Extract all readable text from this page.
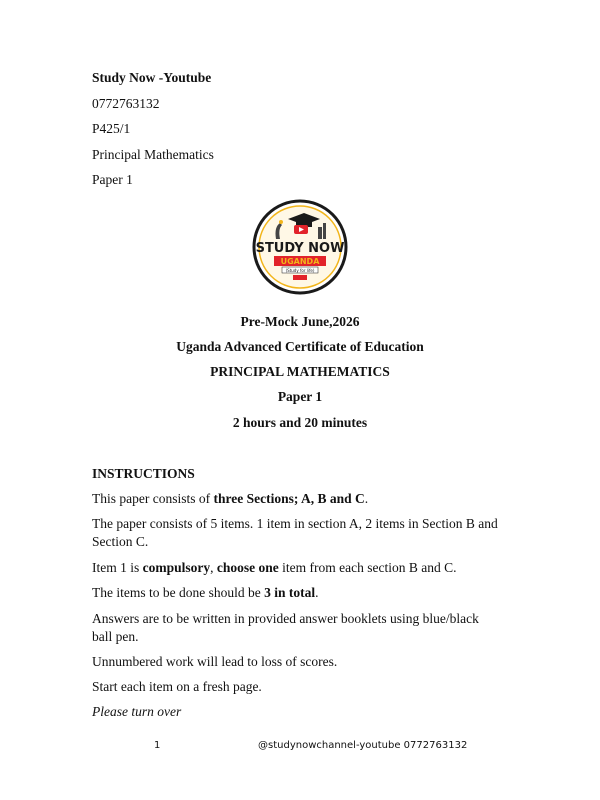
Study Now -Youtube
0772763132
P425/1
Principal Mathematics
Paper 1
STUDY NOW
UGANDA
(Study for life)
Pre-Mock June,2026
Uganda Advanced Certificate of Education
PRINCIPAL MATHEMATICS
Paper 1
2 hours and 20 minutes
INSTRUCTIONS
This paper consists of three Sections; A, B and C.
The paper consists of 5 items. 1 item in section A, 2 items in Section B and Section C.
Item 1 is compulsory, choose one item from each section B and C.
The items to be done should be 3 in total.
Answers are to be written in provided answer booklets using blue/black ball pen.
Unnumbered work will lead to loss of scores.
Start each item on a fresh page.
Please turn over
1	@studynowchannel-youtube 0772763132
